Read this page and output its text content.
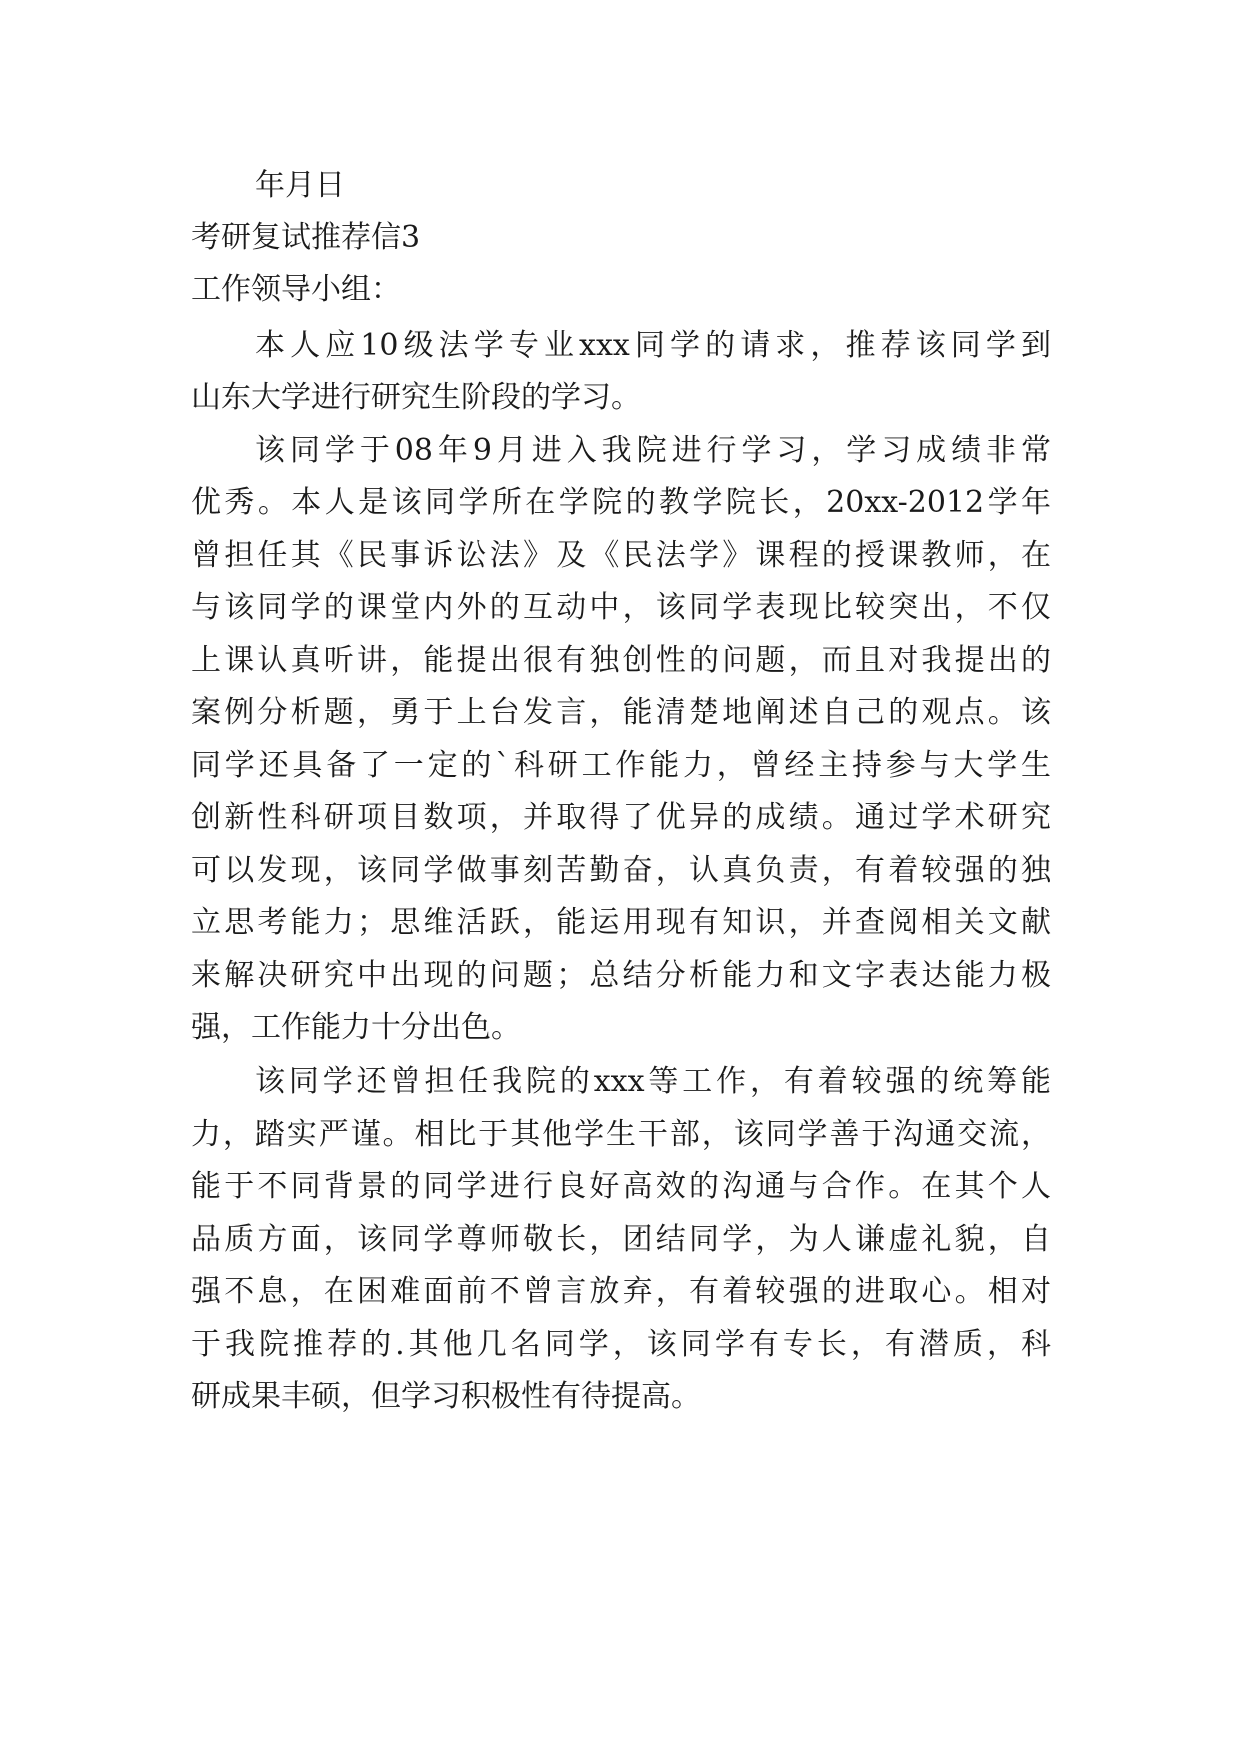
年月日
考研复试推荐信3
工作领导小组：
本人应10级法学专业xxx同学的请求，推荐该同学到
山东大学进行研究生阶段的学习。
该同学于08年9月进入我院进行学习，学习成绩非常
优秀。本人是该同学所在学院的教学院长，20xx-2012学年
曾担任其《民事诉讼法》及《民法学》课程的授课教师，在
与该同学的课堂内外的互动中，该同学表现比较突出，不仅
上课认真听讲，能提出很有独创性的问题，而且对我提出的
案例分析题，勇于上台发言，能清楚地阐述自己的观点。该
同学还具备了一定的`科研工作能力，曾经主持参与大学生
创新性科研项目数项，并取得了优异的成绩。通过学术研究
可以发现，该同学做事刻苦勤奋，认真负责，有着较强的独
立思考能力；思维活跃，能运用现有知识，并查阅相关文献
来解决研究中出现的问题；总结分析能力和文字表达能力极
强，工作能力十分出色。
该同学还曾担任我院的xxx等工作，有着较强的统筹能
力，踏实严谨。相比于其他学生干部，该同学善于沟通交流，
能于不同背景的同学进行良好高效的沟通与合作。在其个人
品质方面，该同学尊师敬长，团结同学，为人谦虚礼貌，自
强不息，在困难面前不曾言放弃，有着较强的进取心。相对
于我院推荐的.其他几名同学，该同学有专长，有潜质，科
研成果丰硕，但学习积极性有待提高。
